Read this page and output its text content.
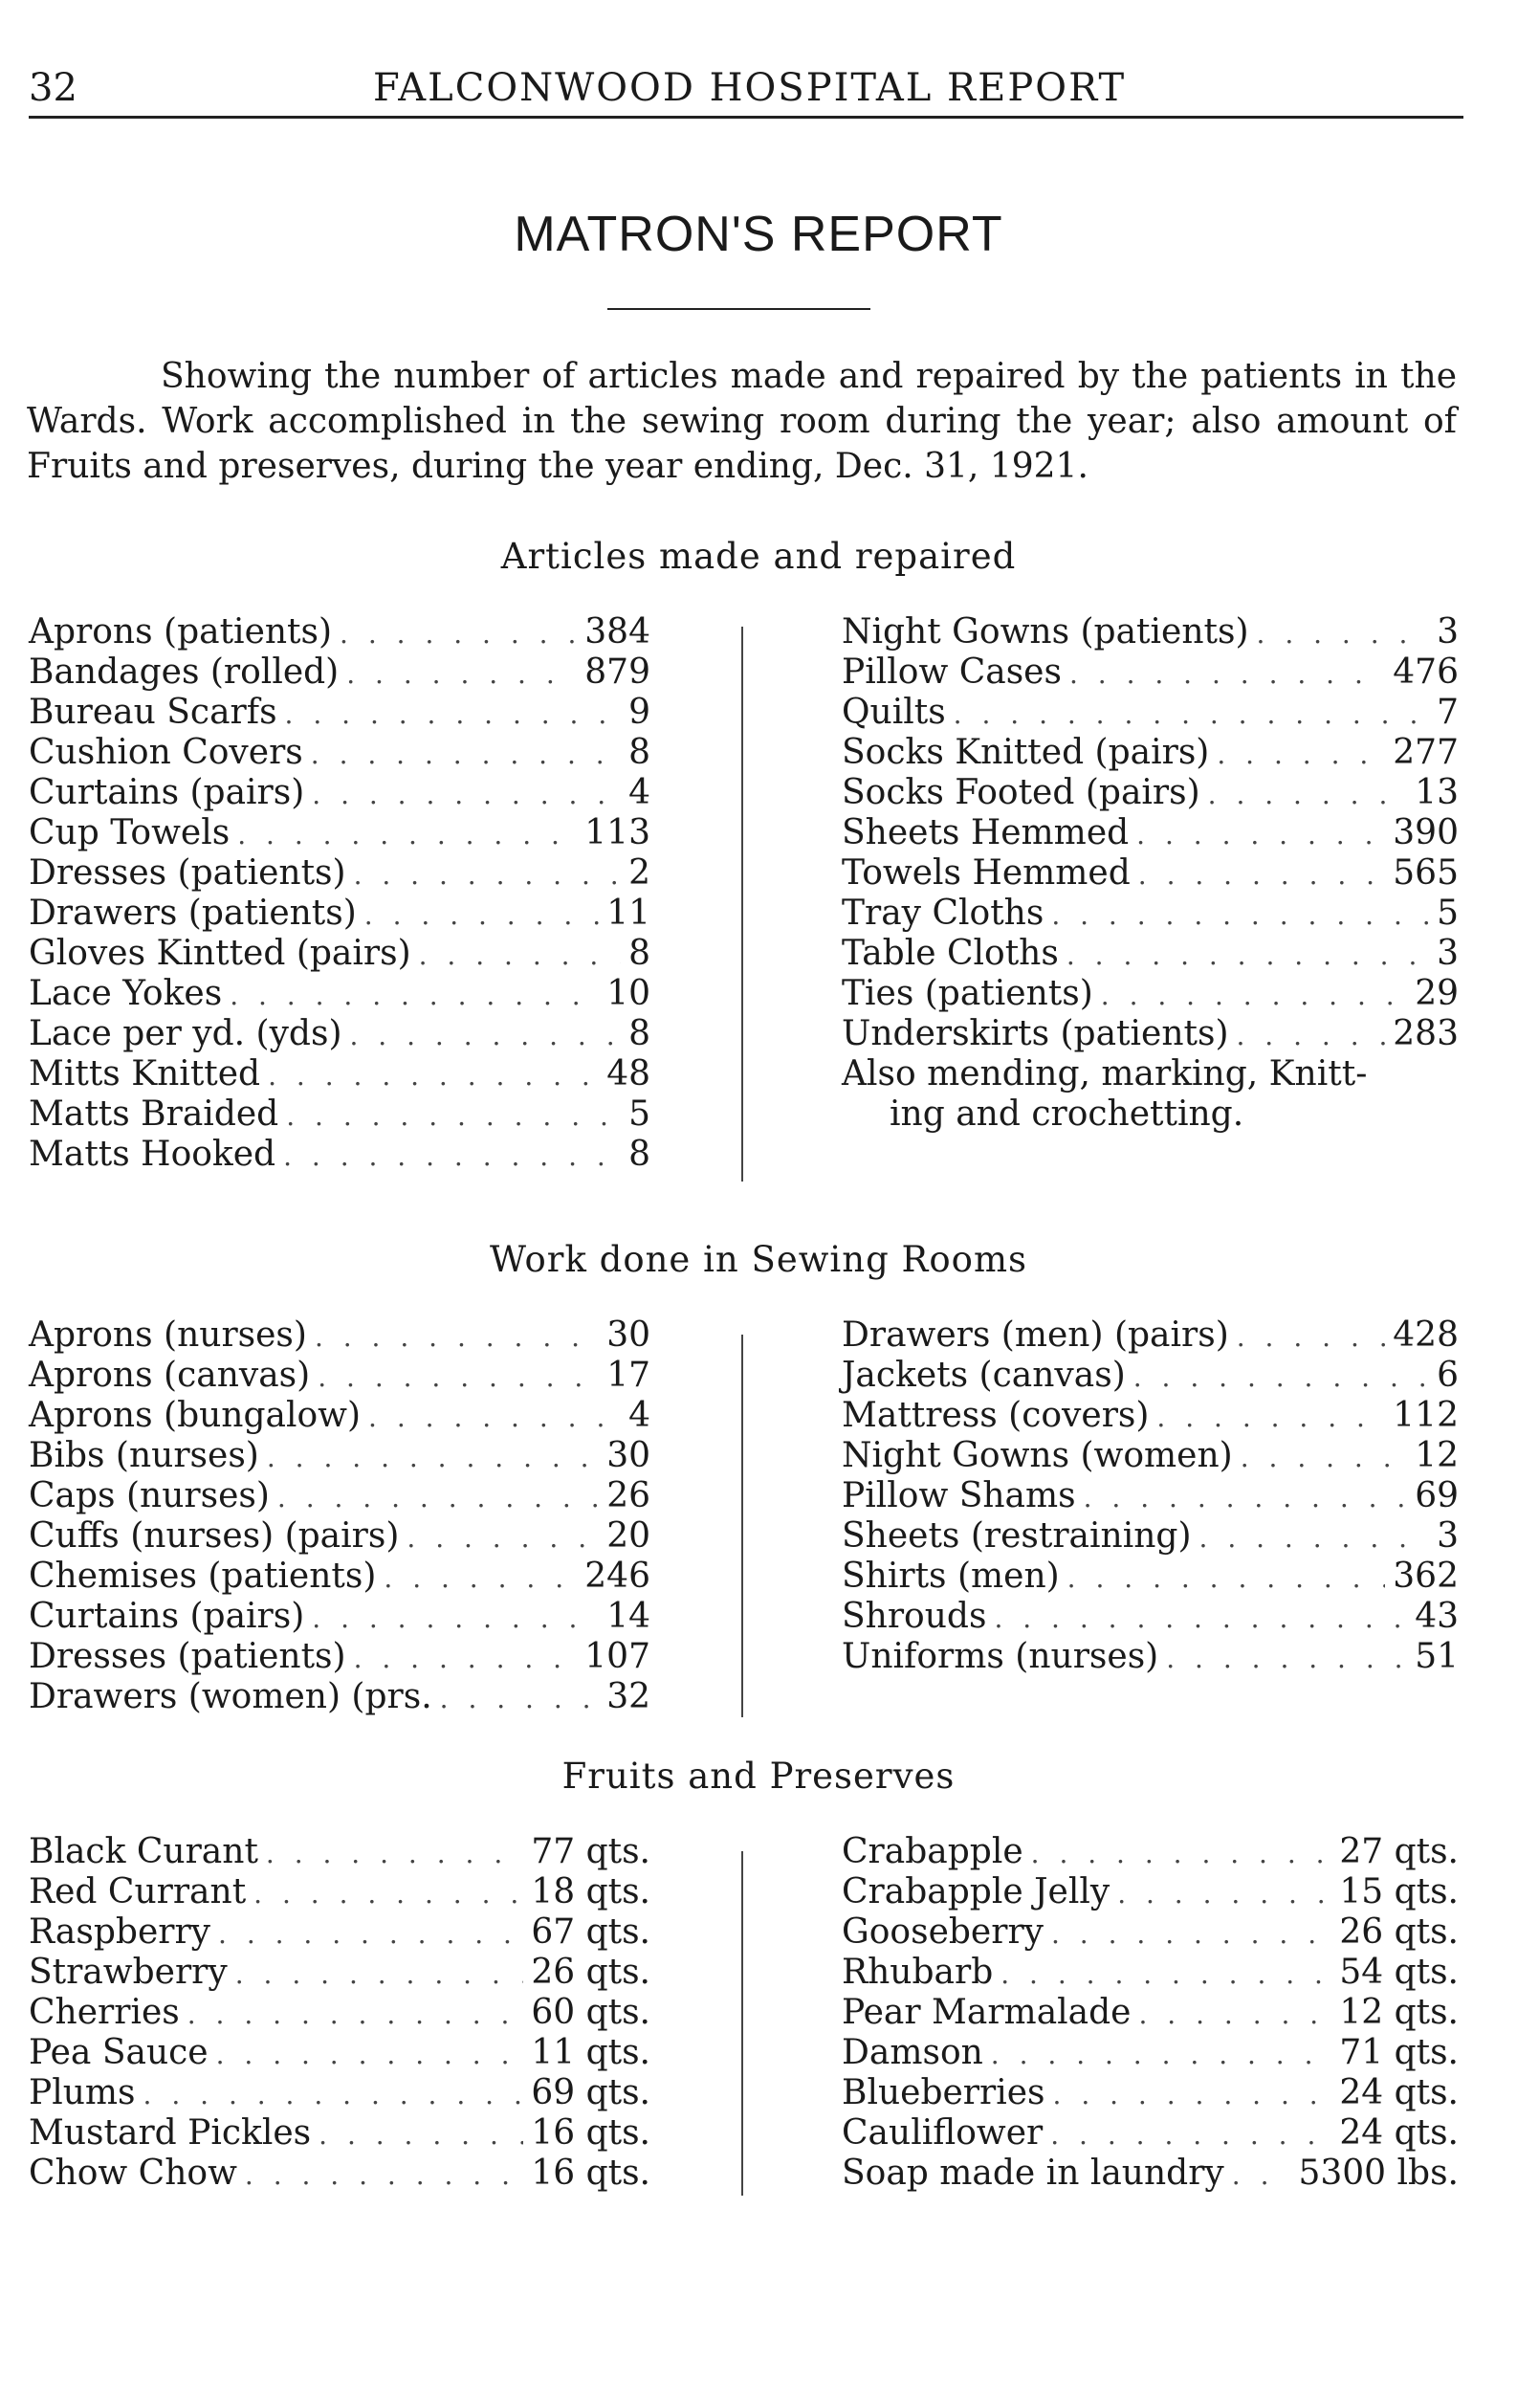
32	FALCONWOOD HOSPITAL REPORT
MATRON'S REPORT

Showing the number of articles made and repaired by the patients in the Wards. Work accomplished in the sewing room during the year; also amount of Fruits and preserves, during the year ending, Dec. 31, 1921.

Articles made and repaired
Aprons (patients) . . .	384
Bandages (rolled) . . .	879
Bureau Scarfs . . .	9
Cushion Covers . . .	8
Curtains (pairs) . . .	4
Cup Towels . . .	113
Dresses (patients) . . .	2
Drawers (patients) . . .	11
Gloves Kintted (pairs) . . .	8
Lace Yokes . . .	10
Lace per yd. (yds) . . .	8
Mitts Knitted . . .	48
Matts Braided . . .	5
Matts Hooked . . .	8
Night Gowns (patients) . . .	3
Pillow Cases . . .	476
Quilts . . .	7
Socks Knitted (pairs) . . .	277
Socks Footed (pairs) . . .	13
Sheets Hemmed . . .	390
Towels Hemmed . . .	565
Tray Cloths . . .	5
Table Cloths . . .	3
Ties (patients) . . .	29
Underskirts (patients) . . .	283
Also mending, marking, Knitt-
ing and crochetting.
Work done in Sewing Rooms
Aprons (nurses) . . .	30
Aprons (canvas) . . .	17
Aprons (bungalow) . . .	4
Bibs (nurses) . . .	30
Caps (nurses) . . .	26
Cuffs (nurses) (pairs) . . .	20
Chemises (patients) . . .	246
Curtains (pairs) . . .	14
Dresses (patients) . . .	107
Drawers (women) (prs. . . .	32
Drawers (men) (pairs) . . .	428
Jackets (canvas) . . .	6
Mattress (covers) . . .	112
Night Gowns (women) . . .	12
Pillow Shams . . .	69
Sheets (restraining) . . .	3
Shirts (men) . . .	362
Shrouds . . .	43
Uniforms (nurses) . . .	51
Fruits and Preserves
Black Curant . . .	77 qts.
Red Currant . . .	18 qts.
Raspberry . . .	67 qts.
Strawberry . . .	26 qts.
Cherries . . .	60 qts.
Pea Sauce . . .	11 qts.
Plums . . .	69 qts.
Mustard Pickles . . .	16 qts.
Chow Chow . . .	16 qts.
Crabapple . . .	27 qts.
Crabapple Jelly . . .	15 qts.
Gooseberry . . .	26 qts.
Rhubarb . . .	54 qts.
Pear Marmalade . . .	12 qts.
Damson . . .	71 qts.
Blueberries . . .	24 qts.
Cauliflower . . .	24 qts.
Soap made in laundry . . . 5300 lbs.
